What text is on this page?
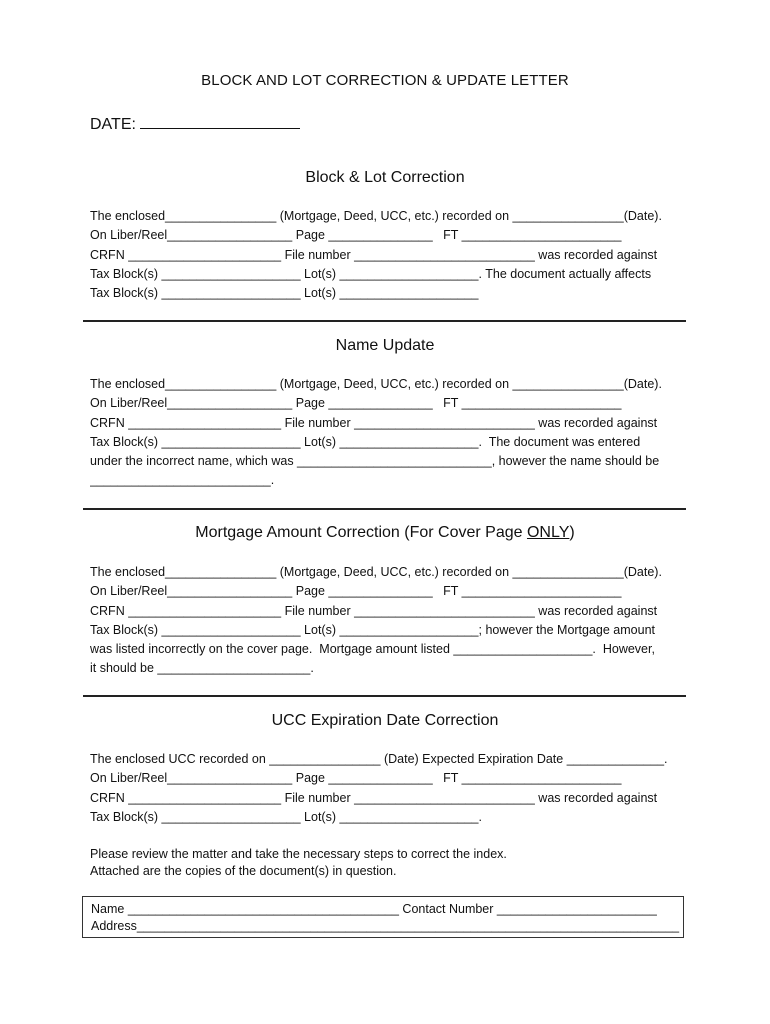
BLOCK AND LOT CORRECTION & UPDATE LETTER
DATE:
Block & Lot Correction
The enclosed________________ (Mortgage, Deed, UCC, etc.) recorded on ________________(Date).
On Liber/Reel__________________ Page _______________   FT _______________________
CRFN ______________________ File number __________________________ was recorded against
Tax Block(s) ____________________ Lot(s) ____________________. The document actually affects
Tax Block(s) ____________________ Lot(s) ____________________
Name Update
The enclosed________________ (Mortgage, Deed, UCC, etc.) recorded on ________________(Date).
On Liber/Reel__________________ Page _______________   FT _______________________
CRFN ______________________ File number __________________________ was recorded against
Tax Block(s) ____________________ Lot(s) ____________________.  The document was entered
under the incorrect name, which was ____________________________, however the name should be
__________________________.
Mortgage Amount Correction (For Cover Page ONLY)
The enclosed________________ (Mortgage, Deed, UCC, etc.) recorded on ________________(Date).
On Liber/Reel__________________ Page _______________   FT _______________________
CRFN ______________________ File number __________________________ was recorded against
Tax Block(s) ____________________ Lot(s) ____________________; however the Mortgage amount
was listed incorrectly on the cover page.  Mortgage amount listed ____________________.  However,
it should be ______________________.
UCC Expiration Date Correction
The enclosed UCC recorded on ________________ (Date) Expected Expiration Date ______________.
On Liber/Reel__________________ Page _______________   FT _______________________
CRFN ______________________ File number __________________________ was recorded against
Tax Block(s) ____________________ Lot(s) ____________________.
Please review the matter and take the necessary steps to correct the index.
Attached are the copies of the document(s) in question.
Name _______________________________________ Contact Number _______________________
Address______________________________________________________________________________
